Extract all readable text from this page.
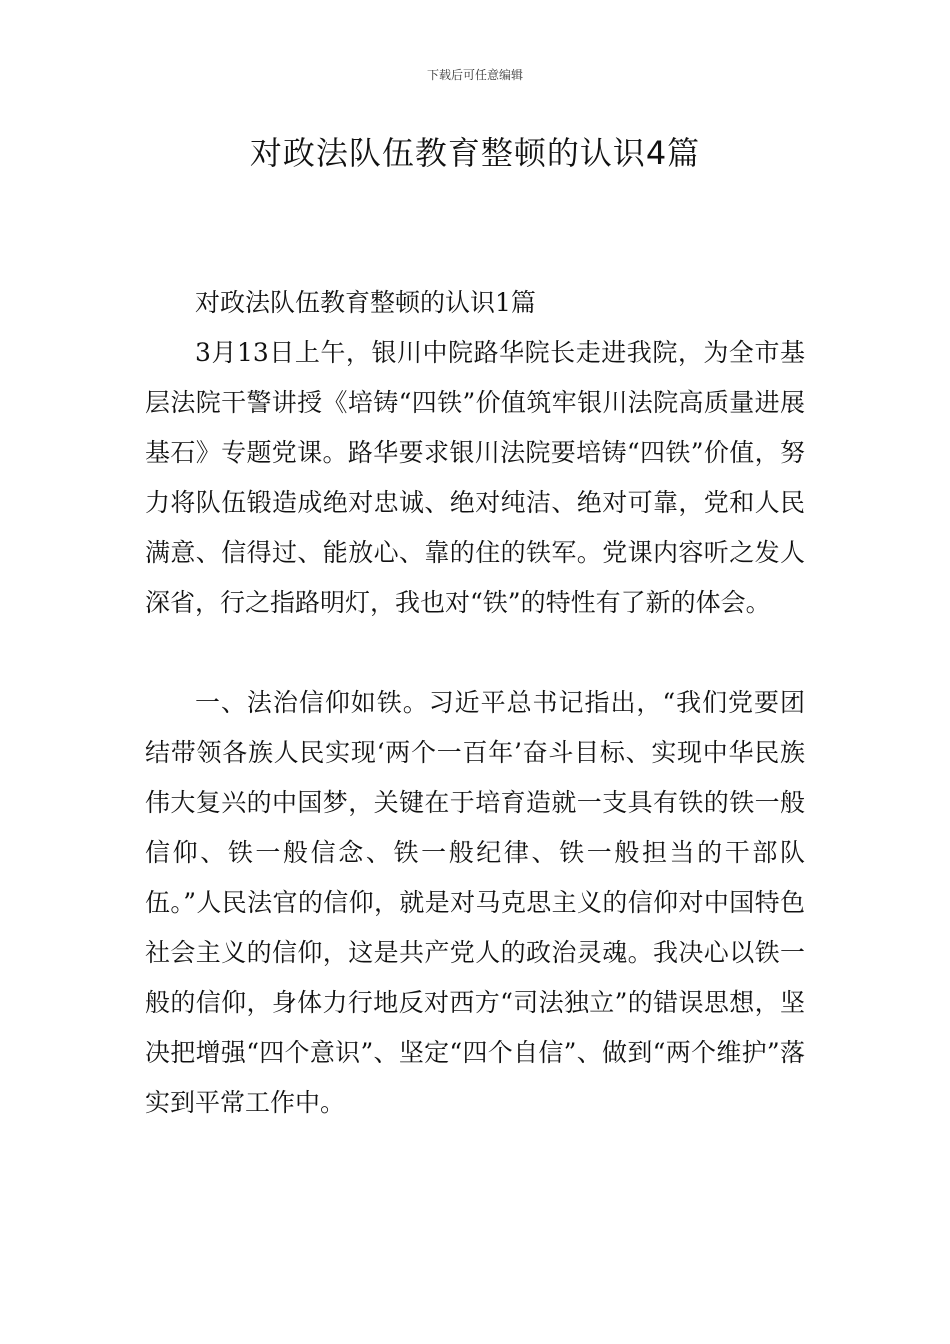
下载后可任意编辑
对政法队伍教育整顿的认识4篇

对政法队伍教育整顿的认识1篇

3月13日上午，银川中院路华院长走进我院，为全市基层法院干警讲授《培铸“四铁”价值筑牢银川法院高质量进展基石》专题党课。路华要求银川法院要培铸“四铁”价值，努力将队伍锻造成绝对忠诚、绝对纯洁、绝对可靠，党和人民满意、信得过、能放心、靠的住的铁军。党课内容听之发人深省，行之指路明灯，我也对“铁”的特性有了新的体会。

一、法治信仰如铁。习近平总书记指出，“我们党要团结带领各族人民实现‘两个一百年’奋斗目标、实现中华民族伟大复兴的中国梦，关键在于培育造就一支具有铁的铁一般信仰、铁一般信念、铁一般纪律、铁一般担当的干部队伍。”人民法官的信仰，就是对马克思主义的信仰对中国特色社会主义的信仰，这是共产党人的政治灵魂。我决心以铁一般的信仰，身体力行地反对西方“司法独立”的错误思想，坚决把增强“四个意识”、坚定“四个自信”、做到“两个维护”落实到平常工作中。
